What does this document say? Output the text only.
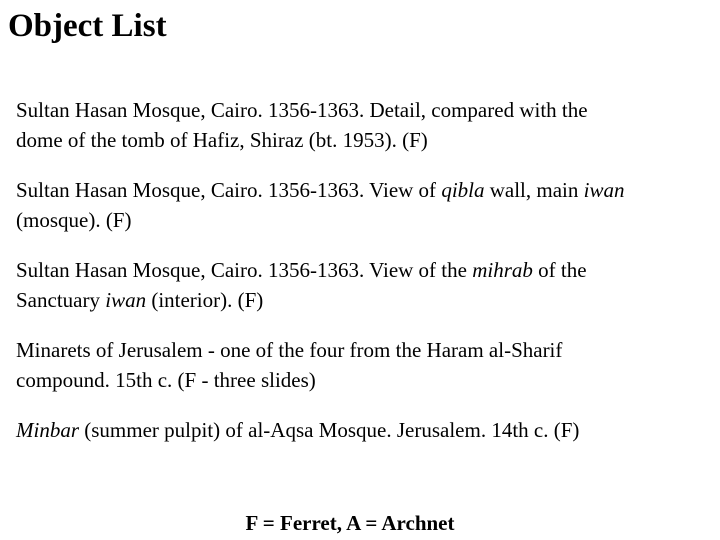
Object List
Sultan Hasan Mosque, Cairo. 1356-1363. Detail, compared with the
dome of the tomb of Hafiz, Shiraz (bt. 1953). (F)
Sultan Hasan Mosque, Cairo. 1356-1363. View of qibla wall, main iwan
(mosque). (F)
Sultan Hasan Mosque, Cairo. 1356-1363. View of the mihrab of the
Sanctuary iwan (interior). (F)
Minarets of Jerusalem - one of the four from the Haram al-Sharif
compound. 15th c. (F - three slides)
Minbar (summer pulpit) of al-Aqsa Mosque. Jerusalem. 14th c. (F)
F = Ferret, A = Archnet
